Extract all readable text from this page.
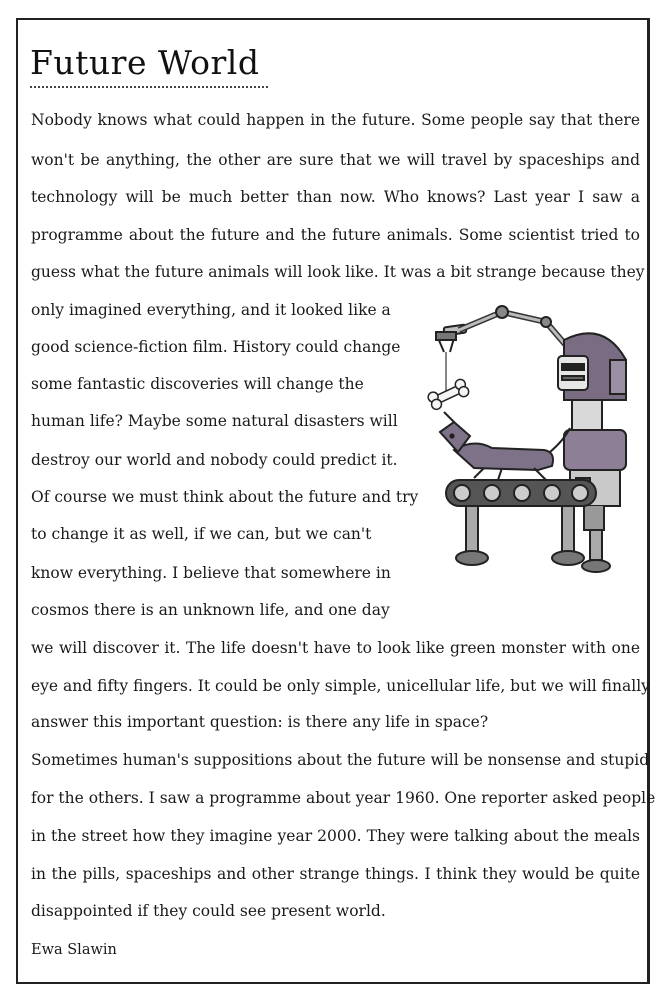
Future World

Nobody knows what could happen in the future. Some people say that there

won't be anything, the other are sure that we will travel by spaceships and

technology will be much better than now. Who knows? Last year I saw a

programme about the future and the future animals. Some scientist tried to

guess what the future animals will look like. It was a bit strange because they

only imagined everything, and it looked like a

good science-fiction film. History could change

some fantastic discoveries will change the

human life? Maybe some natural disasters will

destroy our world and nobody could predict it.

Of course we must think about the future and try

to change it as well, if we can, but we can't

know everything. I believe that somewhere in

cosmos there is an unknown life, and one day

we will discover it. The life doesn't have to look like green monster with one

eye and fifty fingers. It could be only simple, unicellular life, but we will finally

answer this important question: is there any life in space?

Sometimes human's suppositions about the future will be nonsense and stupid

for the others. I saw a programme about year 1960. One reporter asked people

in the street how they imagine year 2000. They were talking about the meals

in the pills, spaceships and other strange things. I think they would be quite

disappointed if they could see present world.

Ewa Slawin
